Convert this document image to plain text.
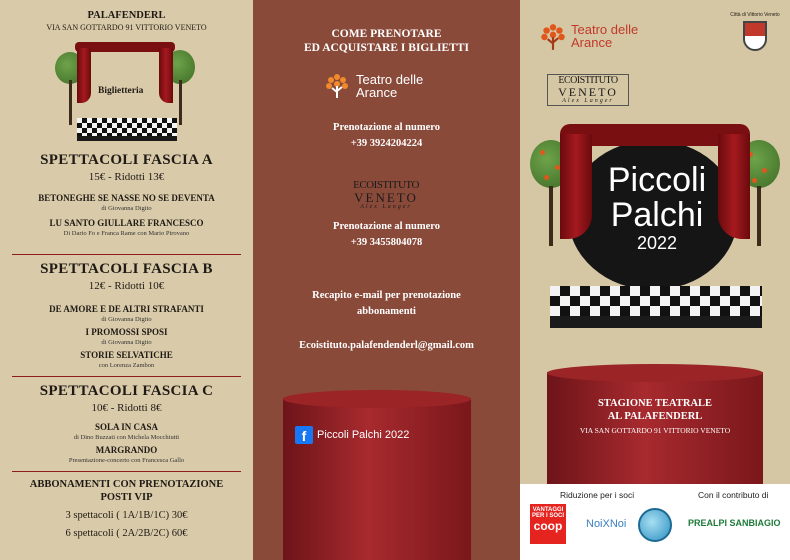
PALAFENDERL
VIA SAN GOTTARDO 91 VITTORIO VENETO
Biglietteria
SPETTACOLI FASCIA A
15€ - Ridotti 13€
BETONEGHE SE NASSE NO SE DEVENTA
di Giovanna Digito
LU SANTO GIULLARE FRANCESCO
Di Dario Fo e Franca Rame con Mario Pirovano
SPETTACOLI FASCIA B
12€ - Ridotti 10€
DE AMORE E DE ALTRI STRAFANTI
di Giovanna Digito
I PROMOSSI SPOSI
di Giovanna Digito
STORIE SELVATICHE
con Lorenza Zambon
SPETTACOLI FASCIA C
10€ - Ridotti 8€
SOLA IN CASA
di Dino Buzzati con Michela Mocchiutti
MARGRANDO
Presentazione-concerto con Francesca Gallo
ABBONAMENTI CON PRENOTAZIONE
POSTI VIP
3 spettacoli ( 1A/1B/1C) 30€
6 spettacoli ( 2A/2B/2C) 60€
COME PRENOTARE
ED ACQUISTARE I BIGLIETTI
Teatro delle
Arance
Prenotazione al numero
+39 3924204224
ECOISTITUTO
VENETO
Alex Langer
Prenotazione al numero
+39 3455804078
Recapito e-mail per prenotazione
abbonamenti
Ecoistituto.palafendenderl@gmail.com
f Piccoli Palchi 2022
Teatro delle
Arance
Città di Vittorio Veneto
ECOISTITUTO
VENETO
Alex Langer
Piccoli
Palchi
2022
STAGIONE TEATRALE
AL PALAFENDERL
VIA SAN GOTTARDO 91 VITTORIO VENETO
Riduzione per i soci	Con il contributo di
VANTAGGI
PER I SOCI
coop	NoiXNoi	PREALPI SANBIAGIO
